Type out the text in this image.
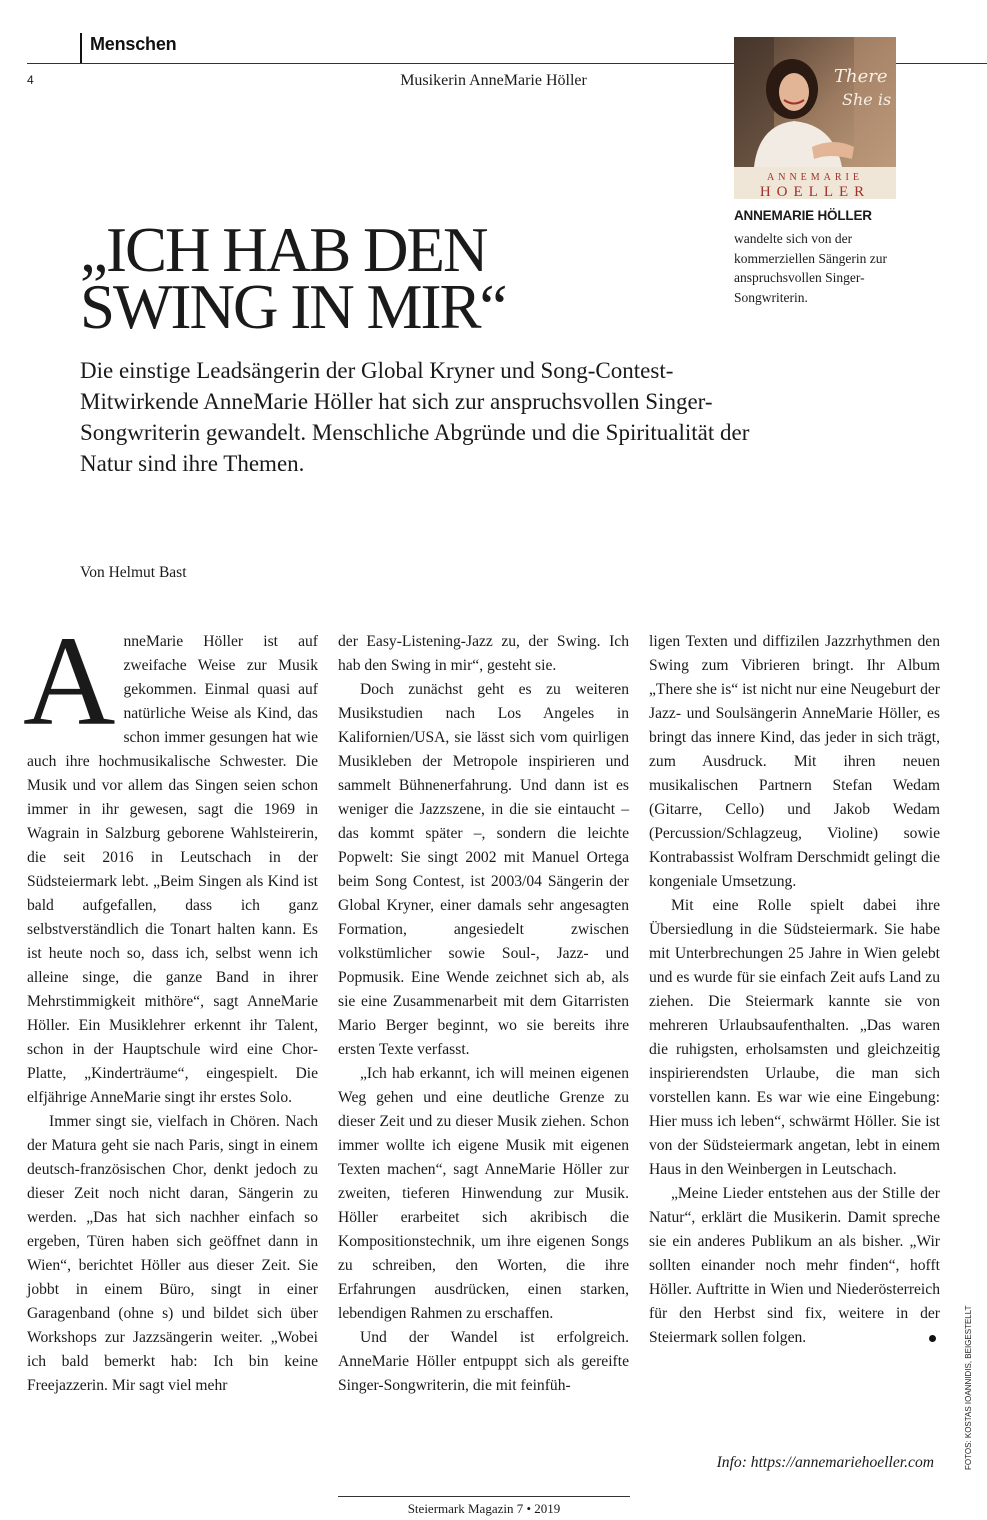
Menschen
4	Musikerin AnneMarie Höller	There
She is
ANNEMARIE
HOELLER
ANNEMARIE HÖLLER
wandelte sich von der kommerziellen Sängerin zur anspruchsvollen Singer-Songwriterin.
„ICH HAB DEN
SWING IN MIR“
Die einstige Leadsängerin der Global Kryner und Song-Contest-Mitwirkende AnneMarie Höller hat sich zur anspruchsvollen Singer-Songwriterin gewandelt. Menschliche Abgründe und die Spiritualität der Natur sind ihre Themen.
Von Helmut Bast

AnneMarie Höller ist auf zweifache Weise zur Musik gekommen. Einmal quasi auf natürliche Weise als Kind, das schon immer gesungen hat wie auch ihre hochmusikalische Schwester. Die Musik und vor allem das Singen seien schon immer in ihr gewesen, sagt die 1969 in Wagrain in Salzburg geborene Wahlsteirerin, die seit 2016 in Leutschach in der Südsteiermark lebt. „Beim Singen als Kind ist bald aufgefallen, dass ich ganz selbstverständlich die Tonart halten kann. Es ist heute noch so, dass ich, selbst wenn ich alleine singe, die ganze Band in ihrer Mehrstimmigkeit mithöre“, sagt AnneMarie Höller. Ein Musiklehrer erkennt ihr Talent, schon in der Hauptschule wird eine Chor-Platte, „Kinderträume“, eingespielt. Die elfjährige AnneMarie singt ihr erstes Solo.

Immer singt sie, vielfach in Chören. Nach der Matura geht sie nach Paris, singt in einem deutsch-französischen Chor, denkt jedoch zu dieser Zeit noch nicht daran, Sängerin zu werden. „Das hat sich nachher einfach so ergeben, Türen haben sich geöffnet dann in Wien“, berichtet Höller aus dieser Zeit. Sie jobbt in einem Büro, singt in einer Garagenband (ohne s) und bildet sich über Workshops zur Jazzsängerin weiter. „Wobei ich bald bemerkt hab: Ich bin keine Freejazzerin. Mir sagt viel mehr

der Easy-Listening-Jazz zu, der Swing. Ich hab den Swing in mir“, gesteht sie.

Doch zunächst geht es zu weiteren Musikstudien nach Los Angeles in Kalifornien/USA, sie lässt sich vom quirligen Musikleben der Metropole inspirieren und sammelt Bühnenerfahrung. Und dann ist es weniger die Jazzszene, in die sie eintaucht – das kommt später –, sondern die leichte Popwelt: Sie singt 2002 mit Manuel Ortega beim Song Contest, ist 2003/04 Sängerin der Global Kryner, einer damals sehr angesagten Formation, angesiedelt zwischen volkstümlicher sowie Soul-, Jazz- und Popmusik. Eine Wende zeichnet sich ab, als sie eine Zusammenarbeit mit dem Gitarristen Mario Berger beginnt, wo sie bereits ihre ersten Texte verfasst.

„Ich hab erkannt, ich will meinen eigenen Weg gehen und eine deutliche Grenze zu dieser Zeit und zu dieser Musik ziehen. Schon immer wollte ich eigene Musik mit eigenen Texten machen“, sagt AnneMarie Höller zur zweiten, tieferen Hinwendung zur Musik. Höller erarbeitet sich akribisch die Kompositionstechnik, um ihre eigenen Songs zu schreiben, den Worten, die ihre Erfahrungen ausdrücken, einen starken, lebendigen Rahmen zu erschaffen.

Und der Wandel ist erfolgreich. AnneMarie Höller entpuppt sich als gereifte Singer-Songwriterin, die mit feinfüh-

ligen Texten und diffizilen Jazzrhythmen den Swing zum Vibrieren bringt. Ihr Album „There she is“ ist nicht nur eine Neugeburt der Jazz- und Soulsängerin AnneMarie Höller, es bringt das innere Kind, das jeder in sich trägt, zum Ausdruck. Mit ihren neuen musikalischen Partnern Stefan Wedam (Gitarre, Cello) und Jakob Wedam (Percussion/Schlagzeug, Violine) sowie Kontrabassist Wolfram Derschmidt gelingt die kongeniale Umsetzung.

Mit eine Rolle spielt dabei ihre Übersiedlung in die Südsteiermark. Sie habe mit Unterbrechungen 25 Jahre in Wien gelebt und es wurde für sie einfach Zeit aufs Land zu ziehen. Die Steiermark kannte sie von mehreren Urlaubsaufenthalten. „Das waren die ruhigsten, erholsamsten und gleichzeitig inspirierendsten Urlaube, die man sich vorstellen kann. Es war wie eine Eingebung: Hier muss ich leben“, schwärmt Höller. Sie ist von der Südsteiermark angetan, lebt in einem Haus in den Weinbergen in Leutschach.

„Meine Lieder entstehen aus der Stille der Natur“, erklärt die Musikerin. Damit spreche sie ein anderes Publikum an als bisher. „Wir sollten einander noch mehr finden“, hofft Höller. Auftritte in Wien und Niederösterreich für den Herbst sind fix, weitere in der Steiermark sollen folgen.

Info: https://annemariehoeller.com
Steiermark Magazin 7 • 2019
FOTOS: KOSTAS IOANNIDIS, BEIGESTELLT
